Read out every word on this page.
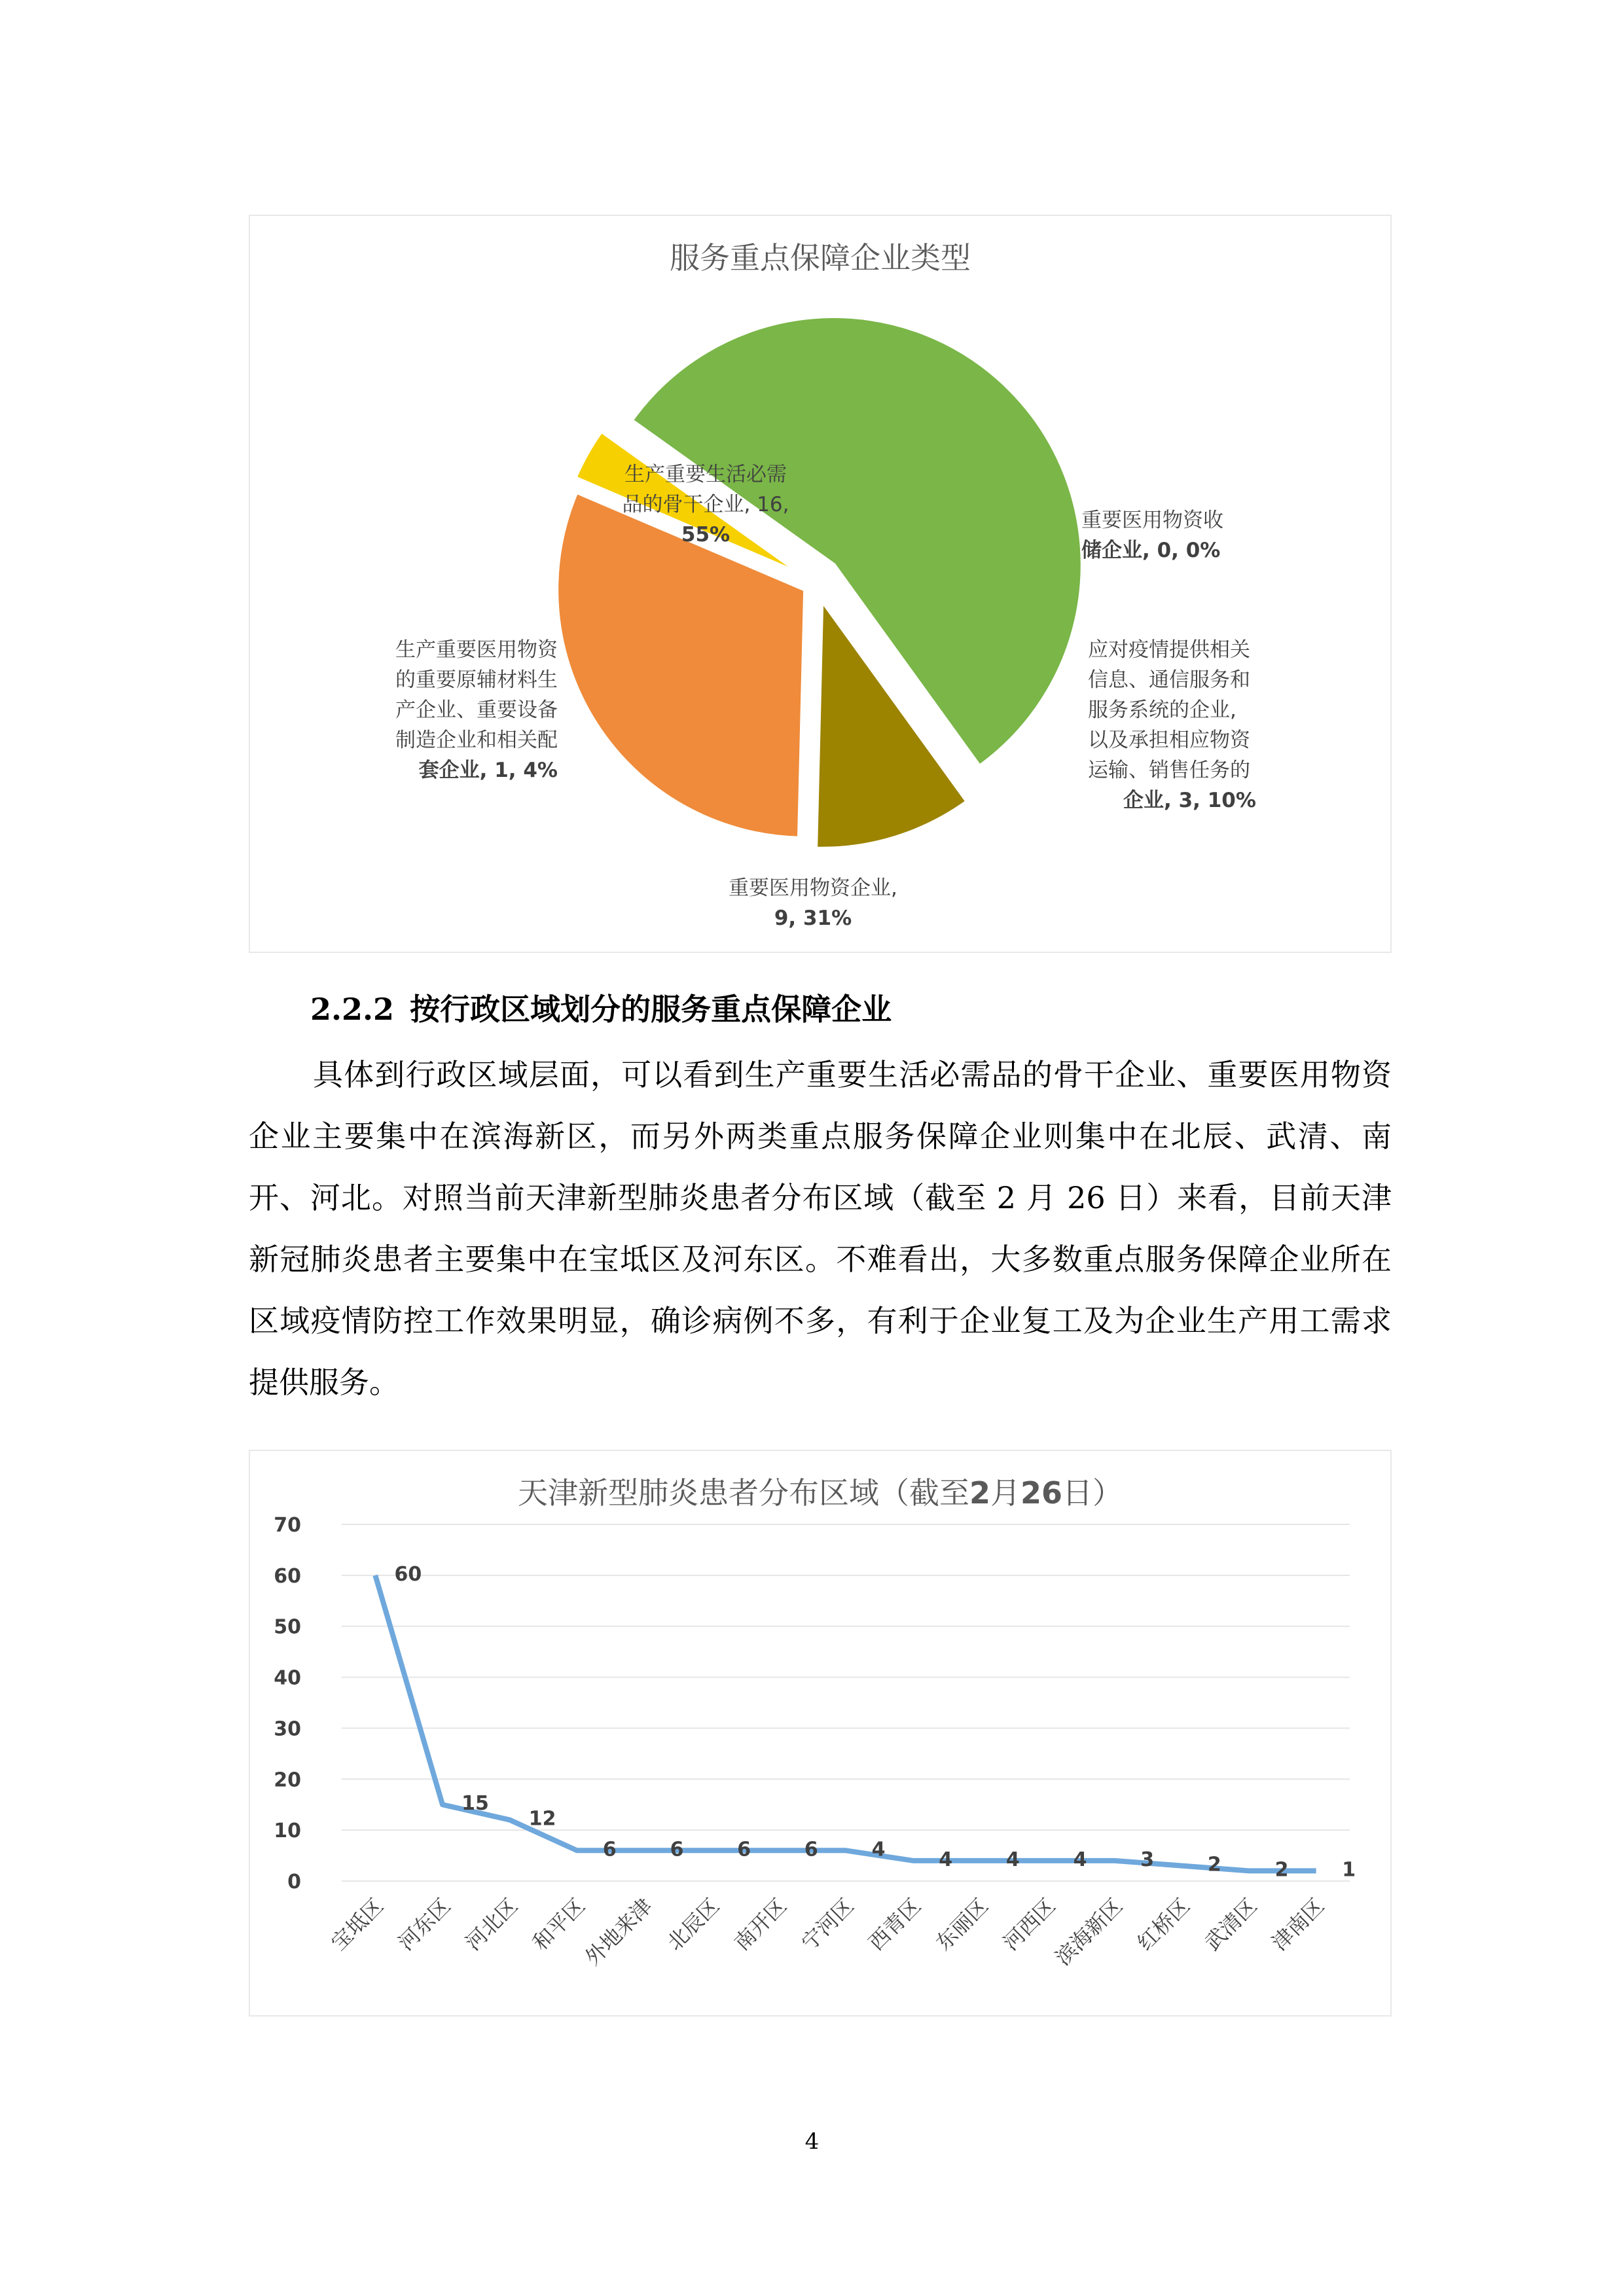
服务重点保障企业类型
生产重要生活必需
品的骨干企业, 16,
55%
重要医用物资收
储企业, 0, 0%
应对疫情提供相关
信息、通信服务和
服务系统的企业,
以及承担相应物资
运输、销售任务的
企业, 3, 10%
重要医用物资企业,
9, 31%
生产重要医用物资
的重要原辅材料生
产企业、重要设备
制造企业和相关配
套企业, 1, 4%
2.2.2 按行政区域划分的服务重点保障企业
具体到行政区域层面，可以看到生产重要生活必需品的骨干企业、重要医用物资企业主要集中在滨海新区，而另外两类重点服务保障企业则集中在北辰、武清、南开、河北。对照当前天津新型肺炎患者分布区域（截至 2 月 26 日）来看，目前天津新冠肺炎患者主要集中在宝坻区及河东区。不难看出，大多数重点服务保障企业所在区域疫情防控工作效果明显，确诊病例不多，有利于企业复工及为企业生产用工需求提供服务。
天津新型肺炎患者分布区域（截至2月26日）
0
10
20
30
40
50
60
70
60
15
12
6	6	6	6	4	4	4	4	3	2	2	1
宝坻区 河东区 河北区 和平区
外地来津 北辰区 南开区 宁河区 西青区 东丽区 河西区
滨海新区 红桥区 武清区 津南区
4
